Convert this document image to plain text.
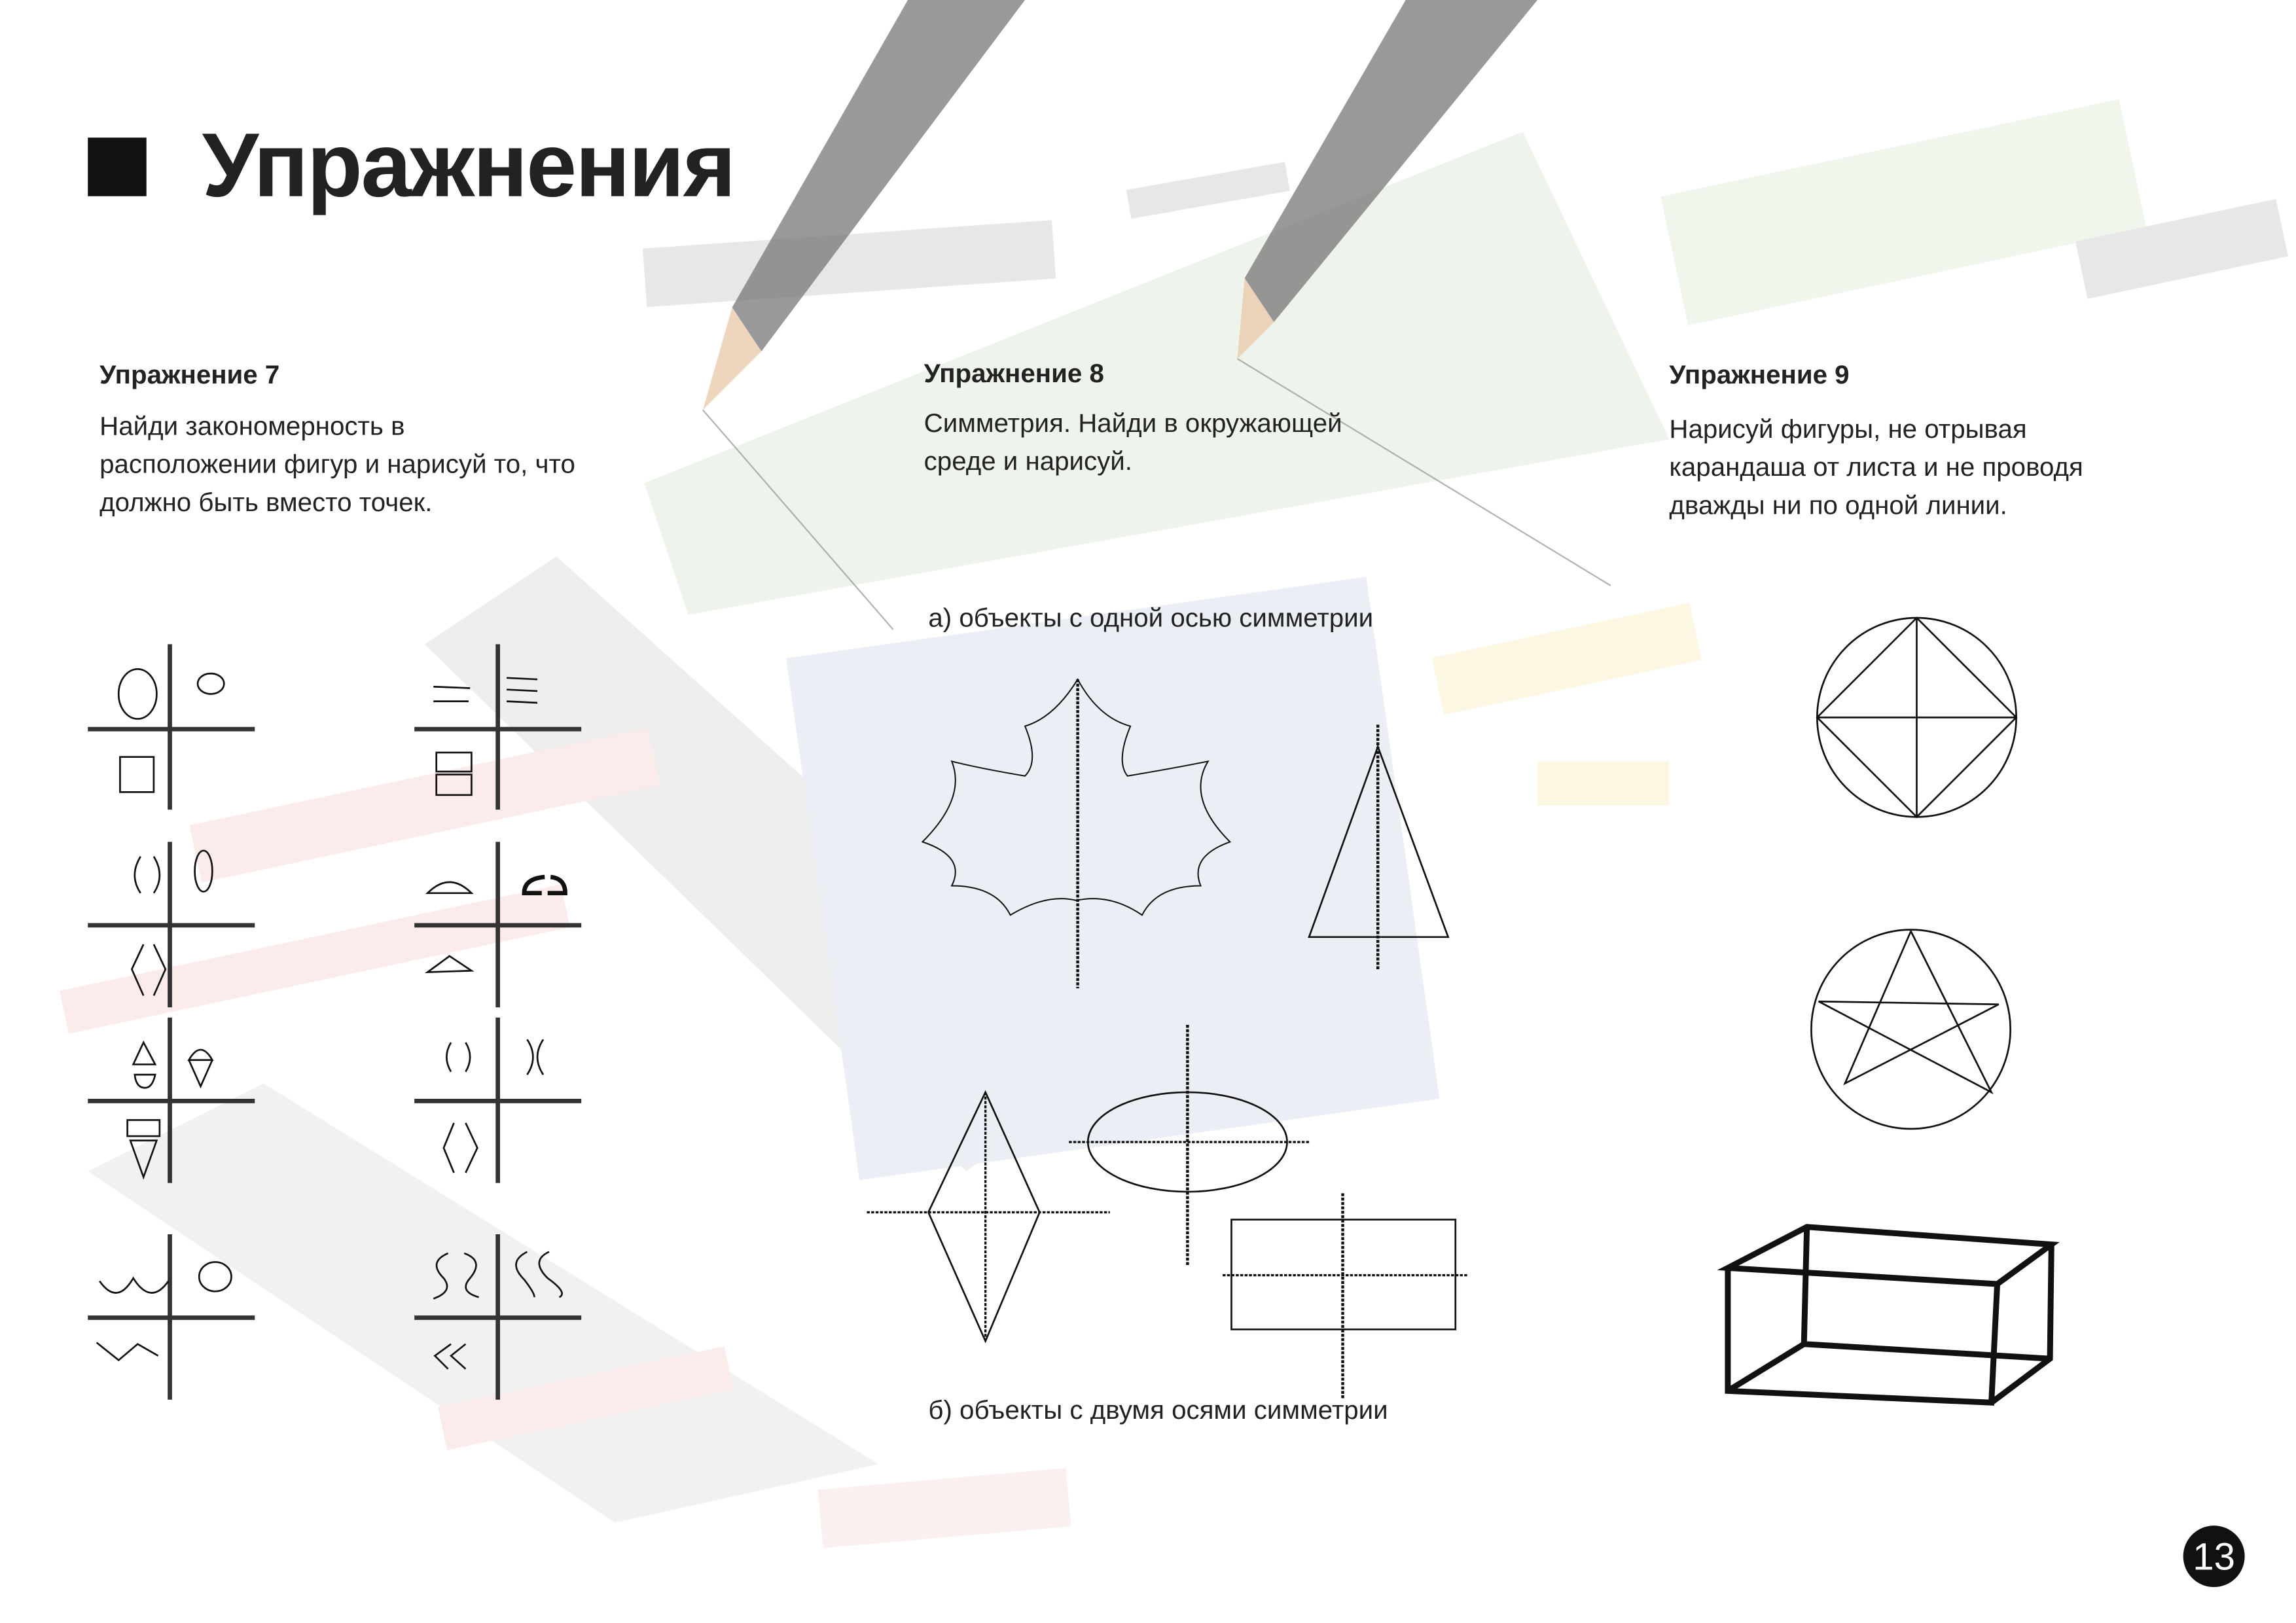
Упражнения
Упражнение 7
Найди закономерность в
расположении фигур и нарисуй то, что
должно быть вместо точек.
Упражнение 8
Симметрия. Найди в окружающей
среде и нарисуй.
а) объекты с одной осью симметрии
б) объекты с двумя осями симметрии
Упражнение 9
Нарисуй фигуры, не отрывая
карандаша от листа и не проводя
дважды ни по одной линии.
13
